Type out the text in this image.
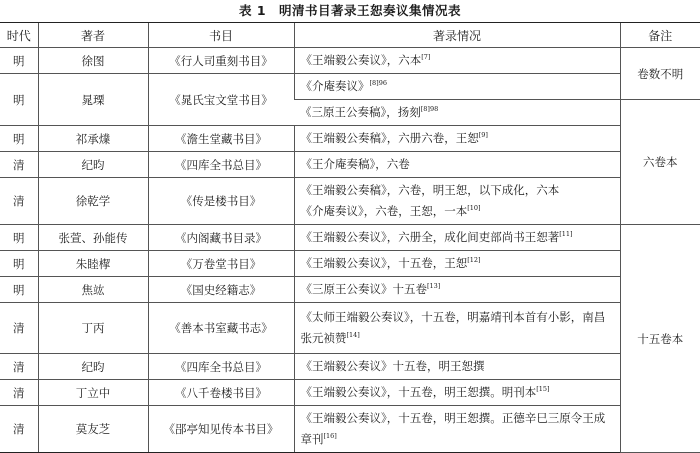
表 1　明清书目著录王恕奏议集情况表
时代	著者	书目	著录情况	备注
明	徐图	《行人司重刻书目》	《王端毅公奏议》，六本[7]	卷数不明
明	晁瑮	《晁氏宝文堂书目》	《介庵奏议》$^{[8]96}$
			《三原王公奏稿》，扬刻$^{[8]98}$	六卷本
明	祁承㸁	《澹生堂藏书目》	《王端毅公奏稿》，六册六卷，王恕[9]
清	纪昀	《四库全书总目》	《王介庵奏稿》，六卷	
清	徐乾学	《传是楼书目》	《王端毅公奏稿》，六卷，明王恕，以下成化，六本
《介庵奏议》，六卷，王恕，一本[10]

明	张萱、孙能传	《内阁藏书目录》	《王端毅公奏议》，六册全，成化间吏部尚书王恕著[11]	十五卷本
明	朱睦㮮	《万卷堂书目》	《王端毅公奏议》，十五卷，王恕[12]
明	焦竑	《国史经籍志》	《三原王公奏议》十五卷[13]
清	丁丙	《善本书室藏书志》	《太师王端毅公奏议》，十五卷，明嘉靖刊本首有小影，南昌张元祯赞[14]
清	纪昀	《四库全书总目》	《王端毅公奏议》十五卷，明王恕撰	
清	丁立中	《八千卷楼书目》	《王端毅公奏议》，十五卷，明王恕撰。明刊本[15]
清	莫友芝	《郘亭知见传本书目》	《王端毅公奏议》，十五卷，明王恕撰。正德辛巳三原令王成章刊[16]
